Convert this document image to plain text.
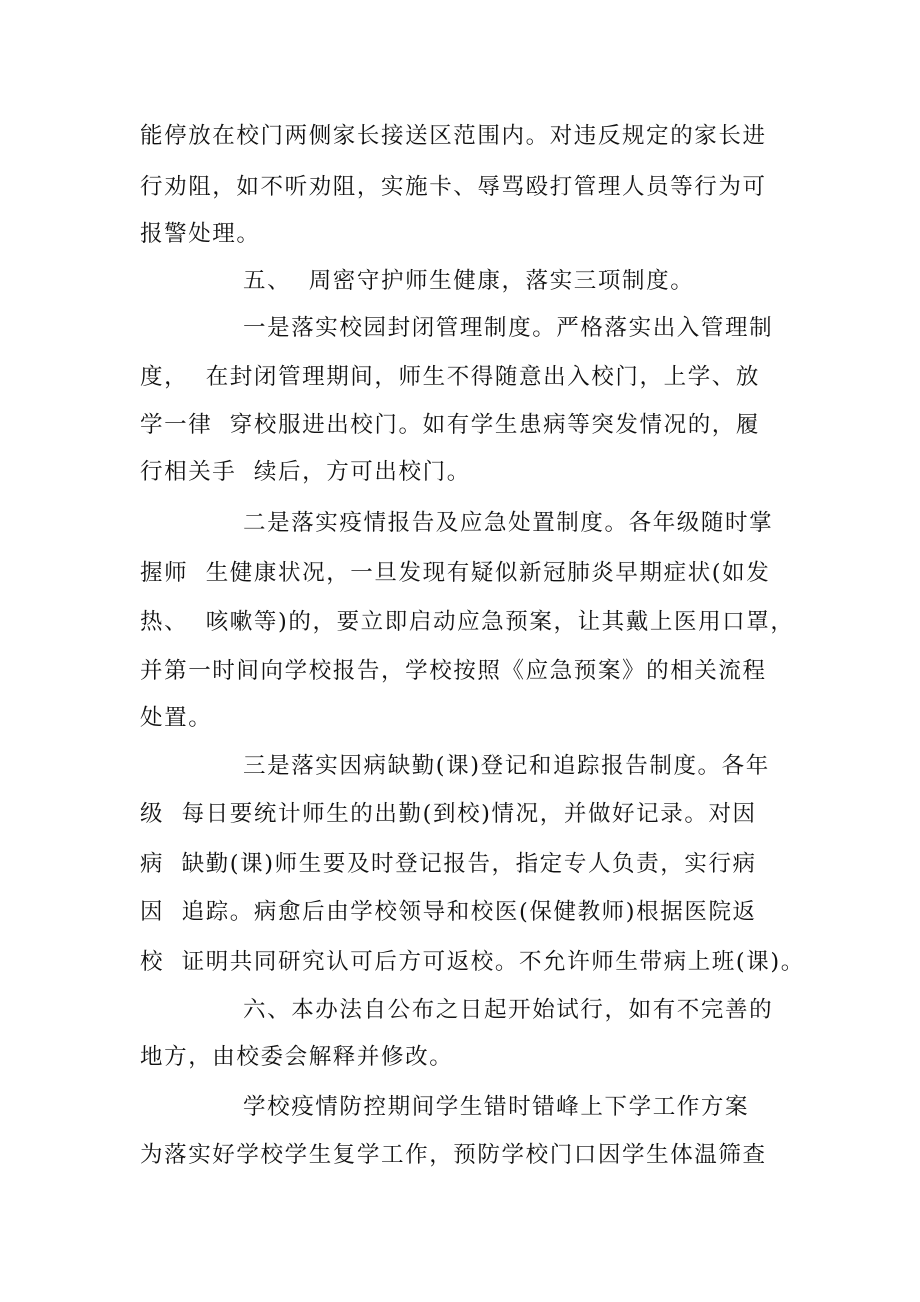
能停放在校门两侧家长接送区范围内。对违反规定的家长进
行劝阻，如不听劝阻，实施卡、辱骂殴打管理人员等行为可
报警处理。
五、  周密守护师生健康，落实三项制度。
一是落实校园封闭管理制度。严格落实出入管理制
度，  在封闭管理期间，师生不得随意出入校门，上学、放
学一律  穿校服进出校门。如有学生患病等突发情况的，履
行相关手  续后，方可出校门。
二是落实疫情报告及应急处置制度。各年级随时掌
握师  生健康状况，一旦发现有疑似新冠肺炎早期症状(如发
热、  咳嗽等)的，要立即启动应急预案，让其戴上医用口罩，
并第一时间向学校报告，学校按照《应急预案》的相关流程
处置。
三是落实因病缺勤(课)登记和追踪报告制度。各年
级  每日要统计师生的出勤(到校)情况，并做好记录。对因
病  缺勤(课)师生要及时登记报告，指定专人负责，实行病
因  追踪。病愈后由学校领导和校医(保健教师)根据医院返
校  证明共同研究认可后方可返校。不允许师生带病上班(课)。
六、本办法自公布之日起开始试行，如有不完善的
地方，由校委会解释并修改。
学校疫情防控期间学生错时错峰上下学工作方案
为落实好学校学生复学工作，预防学校门口因学生体温筛查
